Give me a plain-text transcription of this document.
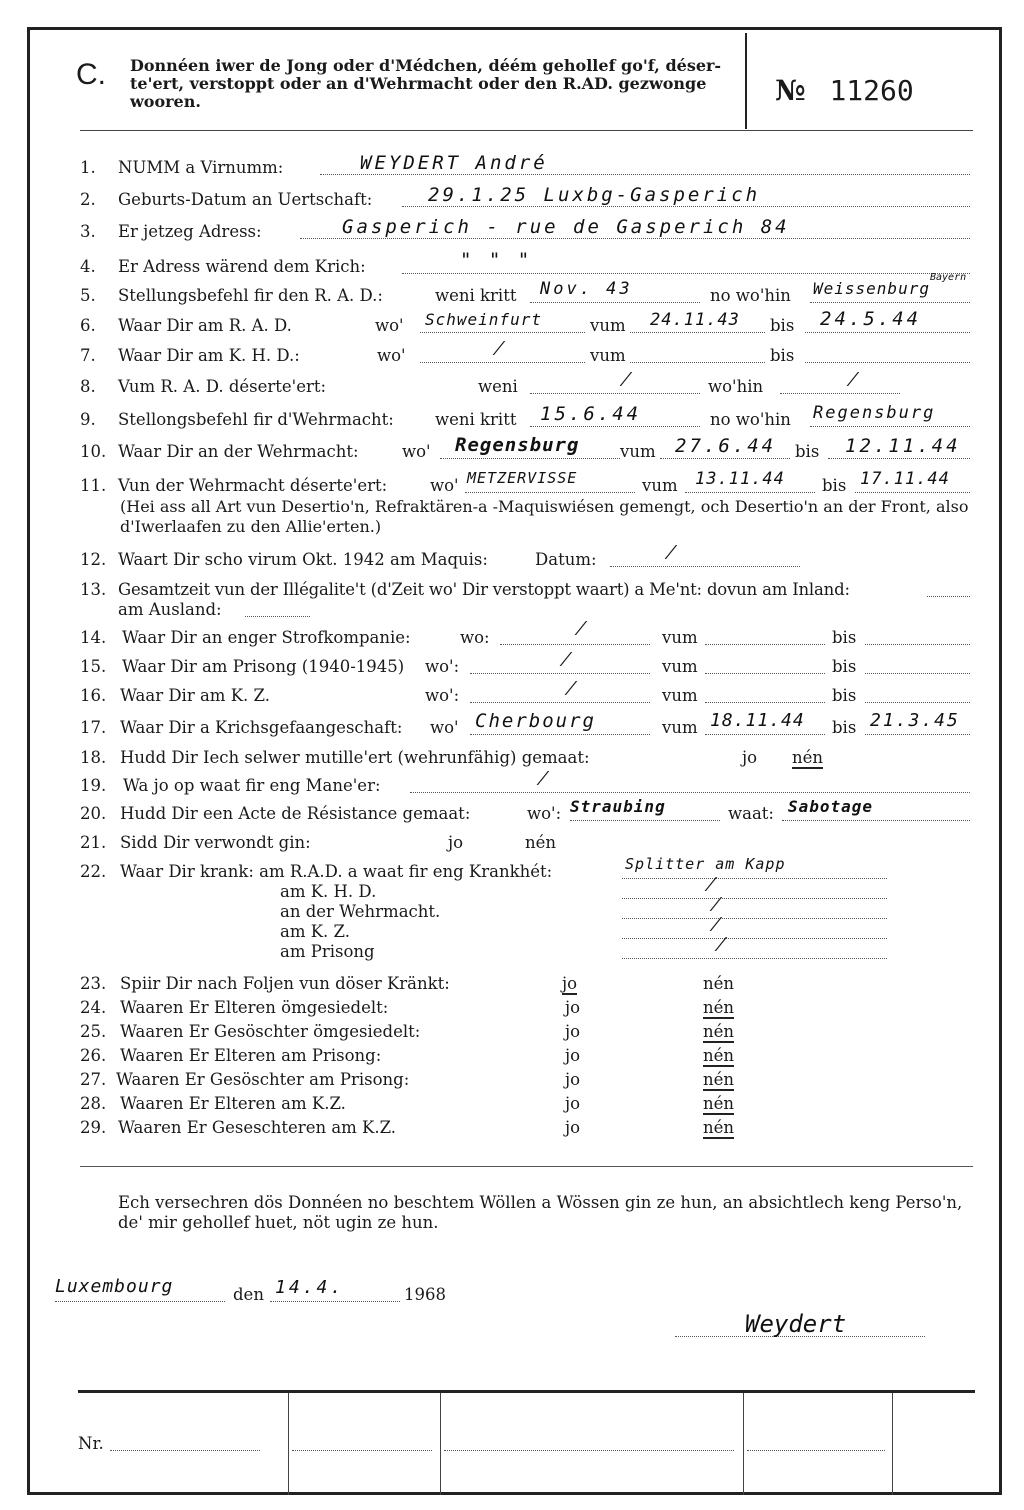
C. Donnéen iwer de Jong oder d'Médchen, déém gehollef go'f, déser-te'ert, verstoppt oder an d'Wehrmacht oder den R.AD. gezwonge wooren.	№ 11260
1.	NUMM a Virnumm:	WEYDERT André
2.	Geburts-Datum an Uertschaft:	29.1.25 Luxbg-Gasperich
3.	Er jetzeg Adress:	Gasperich - rue de Gasperich 84
4.	Er Adress wärend dem Krich:	" " "
5.	Stellungsbefehl fir den R. A. D.:	weni kritt Nov. 43	no wo'hin Weissenburg
Bayern
6.	Waar Dir am R. A. D.	wo' Schweinfurt	vum 24.11.43 bis 24.5.44
7.	Waar Dir am K. H. D.:	wo'	⁄	vum	bis
8.	Vum R. A. D. déserte'ert:	weni	⁄	wo'hin	⁄
9.	Stellongsbefehl fir d'Wehrmacht: weni kritt 15.6.44	no wo'hin Regensburg
10. Waar Dir an der Wehrmacht:	wo' Regensburg vum 27.6.44 bis 12.11.44
11. Vun der Wehrmacht déserte'ert:	wo' METZERVISSE	vum 13.11.44 bis 17.11.44
(Hei ass all Art vun Desertio'n, Refraktären-a -Maquiswiésen gemengt, och Desertio'n an der Front, also d'Iwerlaafen zu den Allie'erten.)
12. Waart Dir scho virum Okt. 1942 am Maquis:	Datum:	⁄
13. Gesamtzeit vun der Illégalite't (d'Zeit wo' Dir verstoppt waart) a Me'nt: dovun am Inland:
am Ausland:
14. Waar Dir an enger Strofkompanie:	wo:	⁄	vum	bis
15. Waar Dir am Prisong (1940-1945) wo':	⁄	vum	bis
16. Waar Dir am K. Z.	wo':	⁄	vum	bis
17. Waar Dir a Krichsgefaangeschaft: wo' Cherbourg	vum 18.11.44 bis 21.3.45
18. Hudd Dir Iech selwer mutille'ert (wehrunfähig) gemaat:	jo nén
19.	Wa jo op waat fir eng Mane'er:	⁄
20. Hudd Dir een Acte de Résistance gemaat:	wo': Straubing	waat: Sabotage
21. Sidd Dir verwondt gin:	jo	nén
22. Waar Dir krank: am R.A.D. a waat fir eng Krankhét:	Splitter am Kapp
am K. H. D.	⁄
an der Wehrmacht.	⁄
am K. Z.	⁄
am Prisong	⁄
23. Spiir Dir nach Foljen vun döser Kränkt:	jo	nén
24. Waaren Er Elteren ömgesiedelt:	jo	nén
25. Waaren Er Gesöschter ömgesiedelt:	jo	nén
26. Waaren Er Elteren am Prisong:	jo	nén
27. Waaren Er Gesöschter am Prisong:	jo	nén
28. Waaren Er Elteren am K.Z.	jo	nén
29. Waaren Er Geseschteren am K.Z.	jo	nén
Ech versechren dös Donnéen no beschtem Wöllen a Wössen gin ze hun, an absichtlech keng Perso'n, de' mir gehollef huet, nöt ugin ze hun.
Luxembourg	den 14.4.	1968
Weydert
Nr.
